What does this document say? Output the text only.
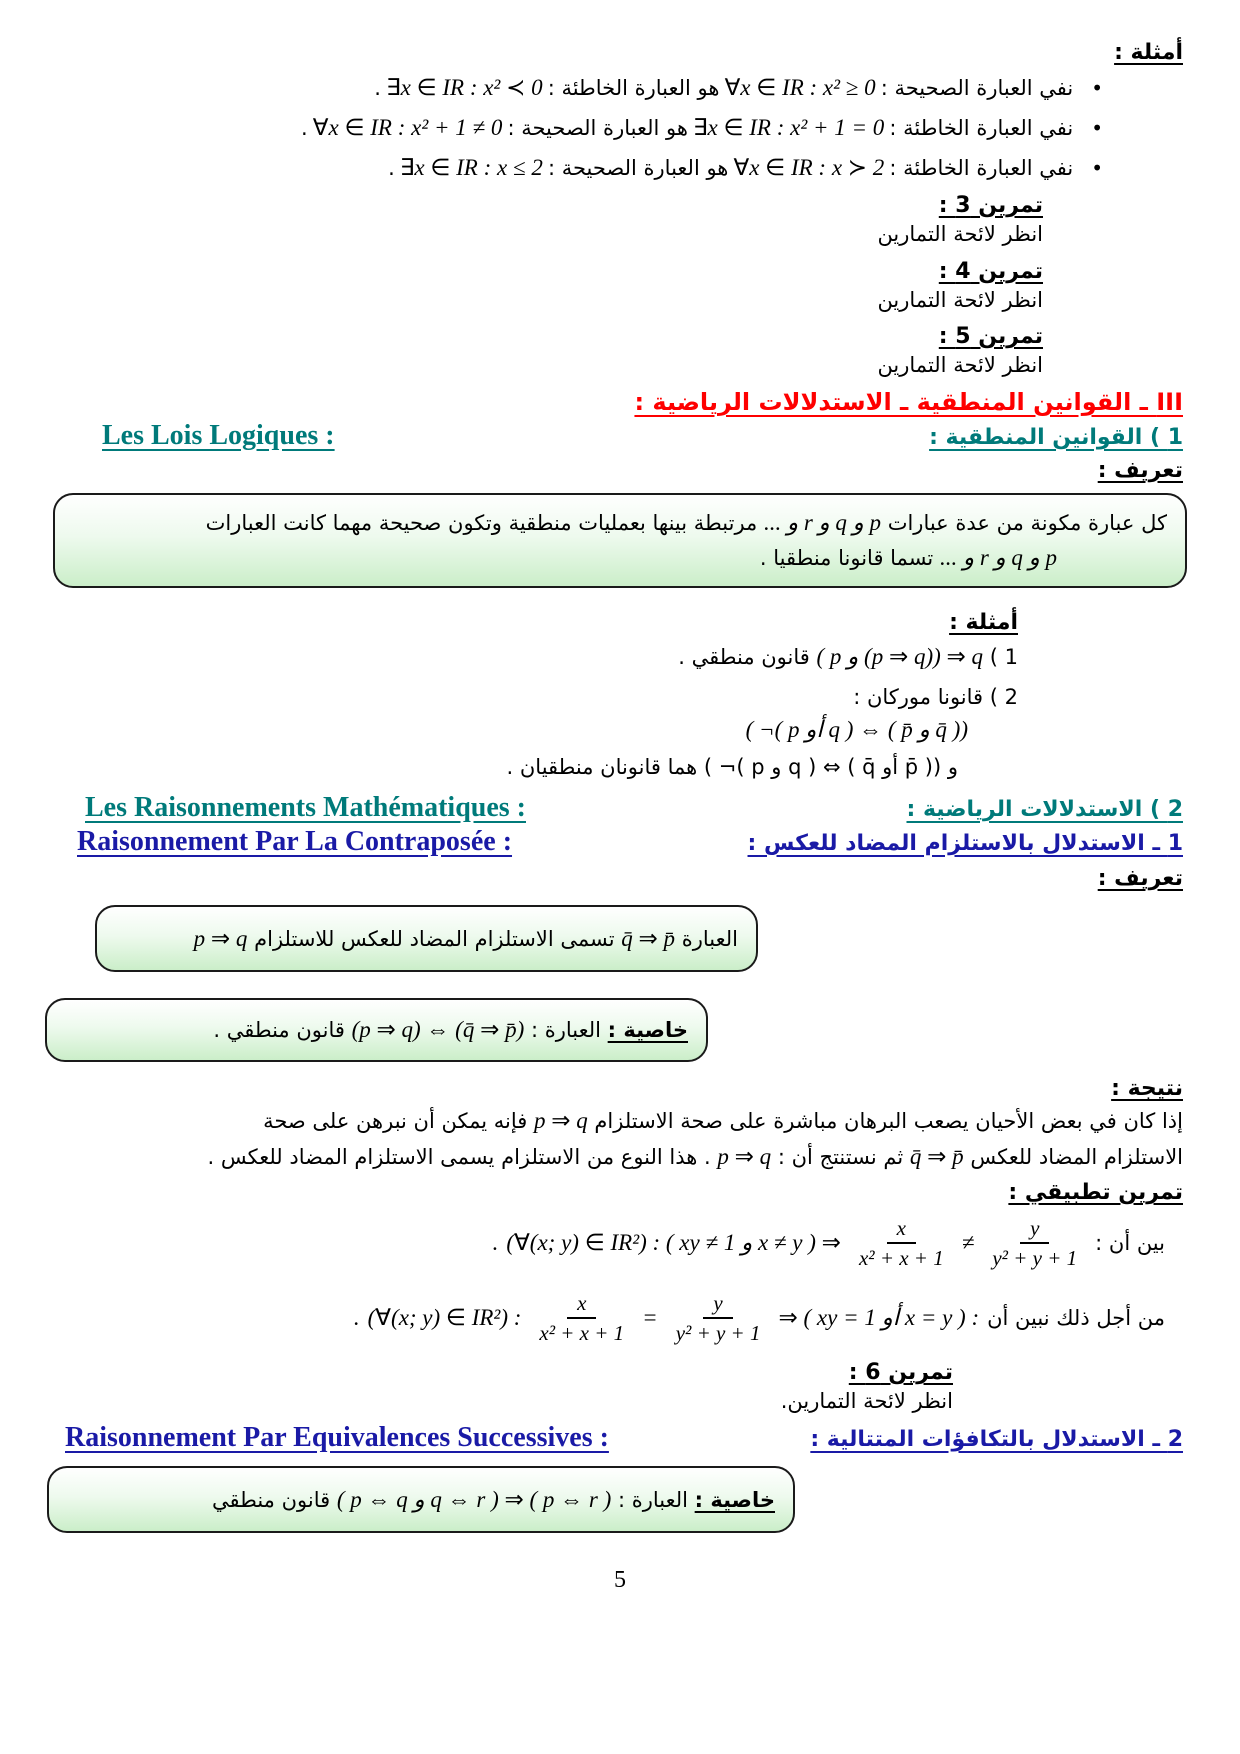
أمثلة :
•نفي العبارة الصحيحة : ∀x ∈ IR : x² ≥ 0 هو العبارة الخاطئة : ∃x ∈ IR : x² ≺ 0 .
•نفي العبارة الخاطئة : ∃x ∈ IR : x² + 1 = 0 هو العبارة الصحيحة : ∀x ∈ IR : x² + 1 ≠ 0 .
•نفي العبارة الخاطئة : ∀x ∈ IR : x ≻ 2 هو العبارة الصحيحة : ∃x ∈ IR : x ≤ 2 .
تمرين 3 :
انظر لائحة التمارين
تمرين 4 :
انظر لائحة التمارين
تمرين 5 :
انظر لائحة التمارين
III ـ القوانين المنطقية ـ الاستدلالات الرياضية :
Les Lois Logiques :	1 ) القوانين المنطقية :
تعريف :
كل عبارة مكونة من عدة عبارات p و q و r و ... مرتبطة بينها بعمليات منطقية وتكون صحيحة مهما كانت العبارات
p و q و r و ... تسما قانونا منطقيا .
أمثلة :
1 ) ( p و (p ⇒ q)) ⇒ q قانون منطقي .
2 ) قانونا موركان :
( ¬( p أو q ) ⇔ ( p̄ و q̄ ))
. هما قانونان منطقيان ( ¬( p و q ) ⇔ ( q̄ أو p̄ )) و
Les Raisonnements Mathématiques :	2 ) الاستدلالات الرياضية :
Raisonnement Par La Contraposée :	1 ـ الاستدلال بالاستلزام المضاد للعكس :
تعريف :
العبارة q̄ ⇒ p̄ تسمى الاستلزام المضاد للعكس للاستلزام p ⇒ q
خاصية : العبارة : (p ⇒ q) ⇔ (q̄ ⇒ p̄) قانون منطقي .
نتيجة :
إذا كان في بعض الأحيان يصعب البرهان مباشرة على صحة الاستلزام p ⇒ q فإنه يمكن أن نبرهن على صحة
الاستلزام المضاد للعكس q̄ ⇒ p̄ ثم نستنتج أن : p ⇒ q . هذا النوع من الاستلزام يسمى الاستلزام المضاد للعكس .
تمرين تطبيقي :
. (∀(x; y) ∈ IR²) : ( xy ≠ 1 و x ≠ y ) ⇒ $\frac{x}{\text{x² + x + 1}} \ne \frac{y}{\text{y² + y + 1}}$ بين أن :
. (∀(x; y) ∈ IR²) : $\frac{x}{\text{x² + x + 1}} = \frac{y}{\text{y² + y + 1}}$ ⇒ ( xy = 1 أو x = y ) : من أجل ذلك نبين أن
تمرين 6 :
انظر لائحة التمارين.
Raisonnement Par Equivalences Successives :	2 ـ الاستدلال بالتكافؤات المتتالية :
خاصية : العبارة : ( p ⇔ q و q ⇔ r ) ⇒ ( p ⇔ r ) قانون منطقي
5
